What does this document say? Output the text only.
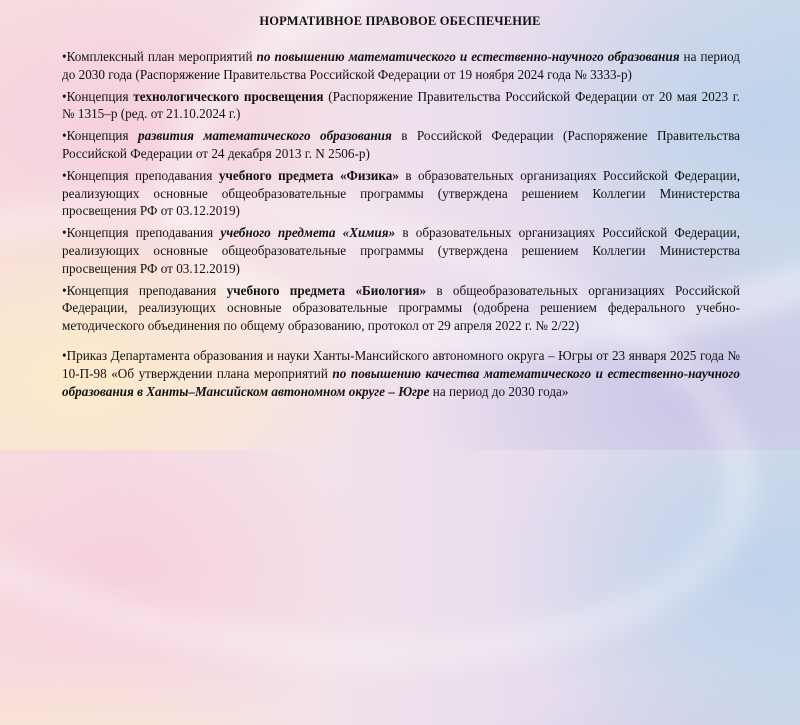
НОРМАТИВНОЕ ПРАВОВОЕ ОБЕСПЕЧЕНИЕ

•Комплексный план мероприятий по повышению математического и естественно-научного образования на период до 2030 года (Распоряжение Правительства Российской Федерации от 19 ноября 2024 года № 3333-р)

•Концепция технологического просвещения (Распоряжение Правительства Российской Федерации от 20 мая 2023 г. № 1315–р (ред. от 21.10.2024 г.)

•Концепция развития математического образования в Российской Федерации (Распоряжение Правительства Российской Федерации от 24 декабря 2013 г. N 2506-р)

•Концепция преподавания учебного предмета «Физика» в образовательных организациях Российской Федерации, реализующих основные общеобразовательные программы (утверждена решением Коллегии Министерства просвещения РФ от 03.12.2019)

•Концепция преподавания учебного предмета «Химия» в образовательных организациях Российской Федерации, реализующих основные общеобразовательные программы (утверждена решением Коллегии Министерства просвещения РФ от 03.12.2019)

•Концепция преподавания учебного предмета «Биология» в общеобразовательных организациях Российской Федерации, реализующих основные образовательные программы (одобрена решением федерального учебно-методического объединения по общему образованию, протокол от 29 апреля 2022 г. № 2/22)

•Приказ Департамента образования и науки Ханты-Мансийского автономного округа – Югры от 23 января 2025 года № 10-П-98 «Об утверждении плана мероприятий по повышению качества математического и естественно-научного образования в Ханты–Мансийском автономном округе – Югре на период до 2030 года»
